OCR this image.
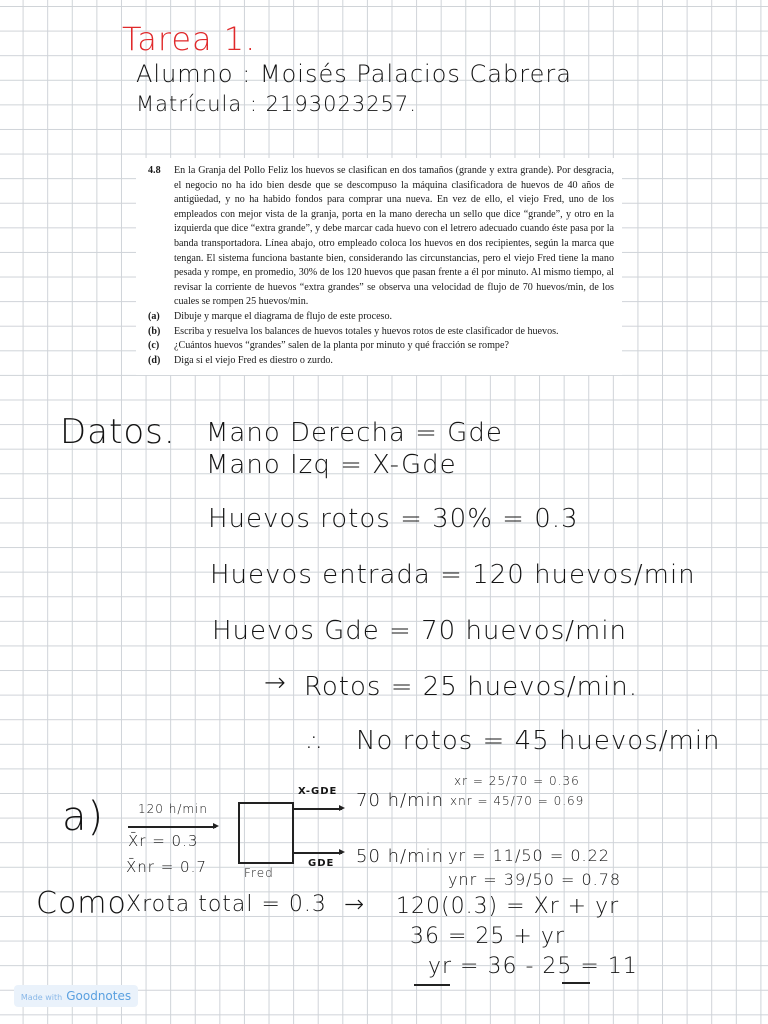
Tarea 1.
Alumno : Moisés Palacios Cabrera
Matrícula : 2193023257.
4.8 En la Granja del Pollo Feliz los huevos se clasifican en dos tamaños (grande y extra grande). Por desgracia, el negocio no ha ido bien desde que se descompuso la máquina clasificadora de huevos de 40 años de antigüedad, y no ha habido fondos para comprar una nueva. En vez de ello, el viejo Fred, uno de los empleados con mejor vista de la granja, porta en la mano derecha un sello que dice “grande”, y otro en la izquierda que dice “extra grande”, y debe marcar cada huevo con el letrero adecuado cuando éste pasa por la banda transportadora. Línea abajo, otro empleado coloca los huevos en dos recipientes, según la marca que tengan. El sistema funciona bastante bien, considerando las circunstancias, pero el viejo Fred tiene la mano pesada y rompe, en promedio, 30% de los 120 huevos que pasan frente a él por minuto. Al mismo tiempo, al revisar la corriente de huevos “extra grandes” se observa una velocidad de flujo de 70 huevos/min, de los cuales se rompen 25 huevos/min.
(a) Dibuje y marque el diagrama de flujo de este proceso.
(b) Escriba y resuelva los balances de huevos totales y huevos rotos de este clasificador de huevos.
(c) ¿Cuántos huevos “grandes” salen de la planta por minuto y qué fracción se rompe?
(d) Diga si el viejo Fred es diestro o zurdo.
Datos. Mano Derecha = Gde
Mano Izq = X-Gde
Huevos rotos = 30% = 0.3
Huevos entrada = 120 huevos/min
Huevos Gde = 70 huevos/min
→ Rotos = 25 huevos/min.
∴ No rotos = 45 huevos/min
a)	120 h/min
X̄r = 0.3
X̄nr = 0.7	Fred
X-GDE 70 h/min
xr = 25/70 = 0.36
xnr = 45/70 = 0.69
GDE 50 h/min yr = 11/50 = 0.22
ynr = 39/50 = 0.78
Como Xrota total = 0.3 → 120(0.3) = Xr + yr
36 = 25 + yr
yr = 36 - 25 = 11
Made with Goodnotes
